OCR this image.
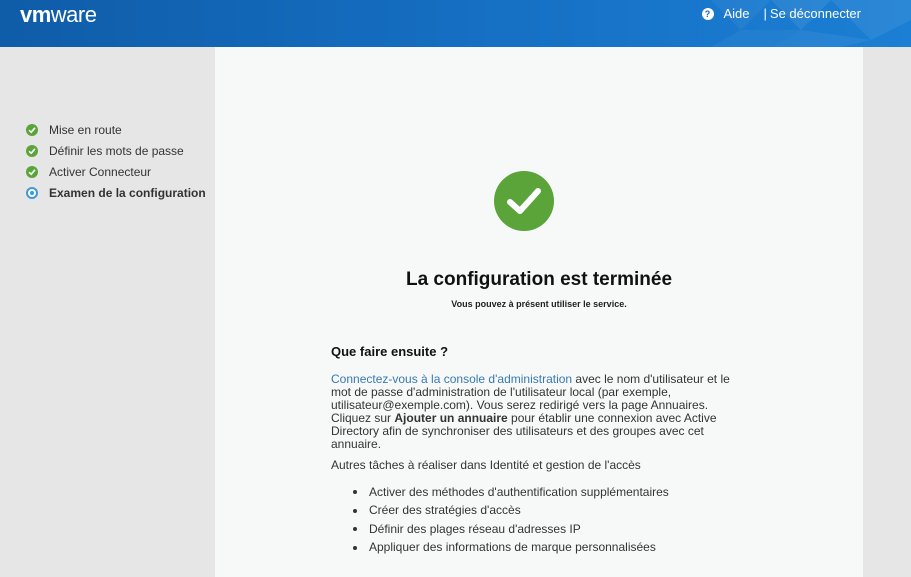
vmware	? Aide | Se déconnecter
Mise en route
Définir les mots de passe
Activer Connecteur
Examen de la configuration
La configuration est terminée
Vous pouvez à présent utiliser le service.
Que faire ensuite ?

Connectez-vous à la console d'administration avec le nom d'utilisateur et le mot de passe d'administration de l'utilisateur local (par exemple, utilisateur@exemple.com). Vous serez redirigé vers la page Annuaires. Cliquez sur Ajouter un annuaire pour établir une connexion avec Active Directory afin de synchroniser des utilisateurs et des groupes avec cet annuaire.

Autres tâches à réaliser dans Identité et gestion de l'accès

Activer des méthodes d'authentification supplémentaires
Créer des stratégies d'accès
Définir des plages réseau d'adresses IP
Appliquer des informations de marque personnalisées
